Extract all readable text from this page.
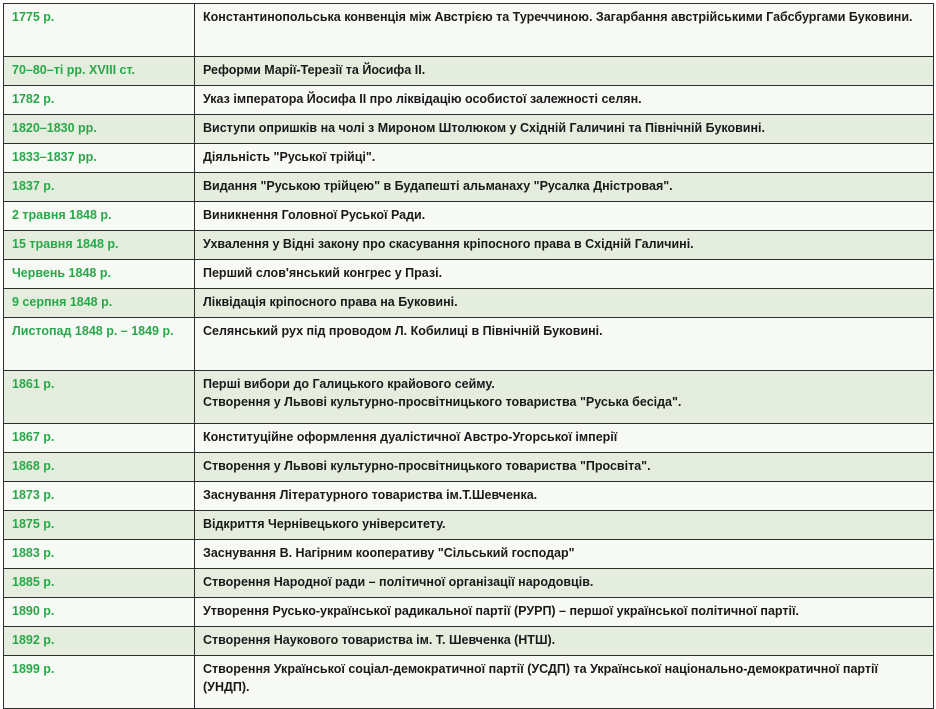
1775 р.	Константинопольська конвенція між Австрією та Туреччиною. Загарбання австрійськими Габсбургами Буковини.

70–80–ті рр. XVIII ст.	Реформи Марії-Терезії та Йосифа ІІ.

1782 р.	Указ імператора Йосифа ІІ про ліквідацію особистої залежності селян.

1820–1830 рр.	Виступи опришків на чолі з Мироном Штолюком у Східній Галичині та Північній Буковині.

1833–1837 рр.	Діяльність "Руської трійці".

1837 р.	Видання "Руською трійцею" в Будапешті альманаху "Русалка Дністровая".

2 травня 1848 р.	Виникнення Головної Руської Ради.

15 травня 1848 р.	Ухвалення у Відні закону про скасування кріпосного права в Східній Галичині.

Червень 1848 р.	Перший слов'янський конгрес у Празі.

9 серпня 1848 р.	Ліквідація кріпосного права на Буковині.

Листопад 1848 р. – 1849 р.	Селянський рух під проводом Л. Кобилиці в Північній Буковині.

1861 р.	Перші вибори до Галицького крайового сейму.
Створення у Львові культурно-просвітницького товариства "Руська бесіда".

1867 р.	Конституційне оформлення дуалістичної Австро-Угорської імперії

1868 р.	Створення у Львові культурно-просвітницького товариства "Просвіта".

1873 р.	Заснування Літературного товариства ім.Т.Шевченка.

1875 р.	Відкриття Чернівецького університету.

1883 р.	Заснування В. Нагірним кооперативу "Сільський господар"

1885 р.	Створення Народної ради – політичної організації народовців.

1890 р.	Утворення Русько-української радикальної партії (РУРП) – першої української політичної партії.

1892 р.	Створення Наукового товариства ім. Т. Шевченка (НТШ).

1899 р.	Створення Української соціал-демократичної партії (УСДП) та Української національно-демократичної партії (УНДП).
